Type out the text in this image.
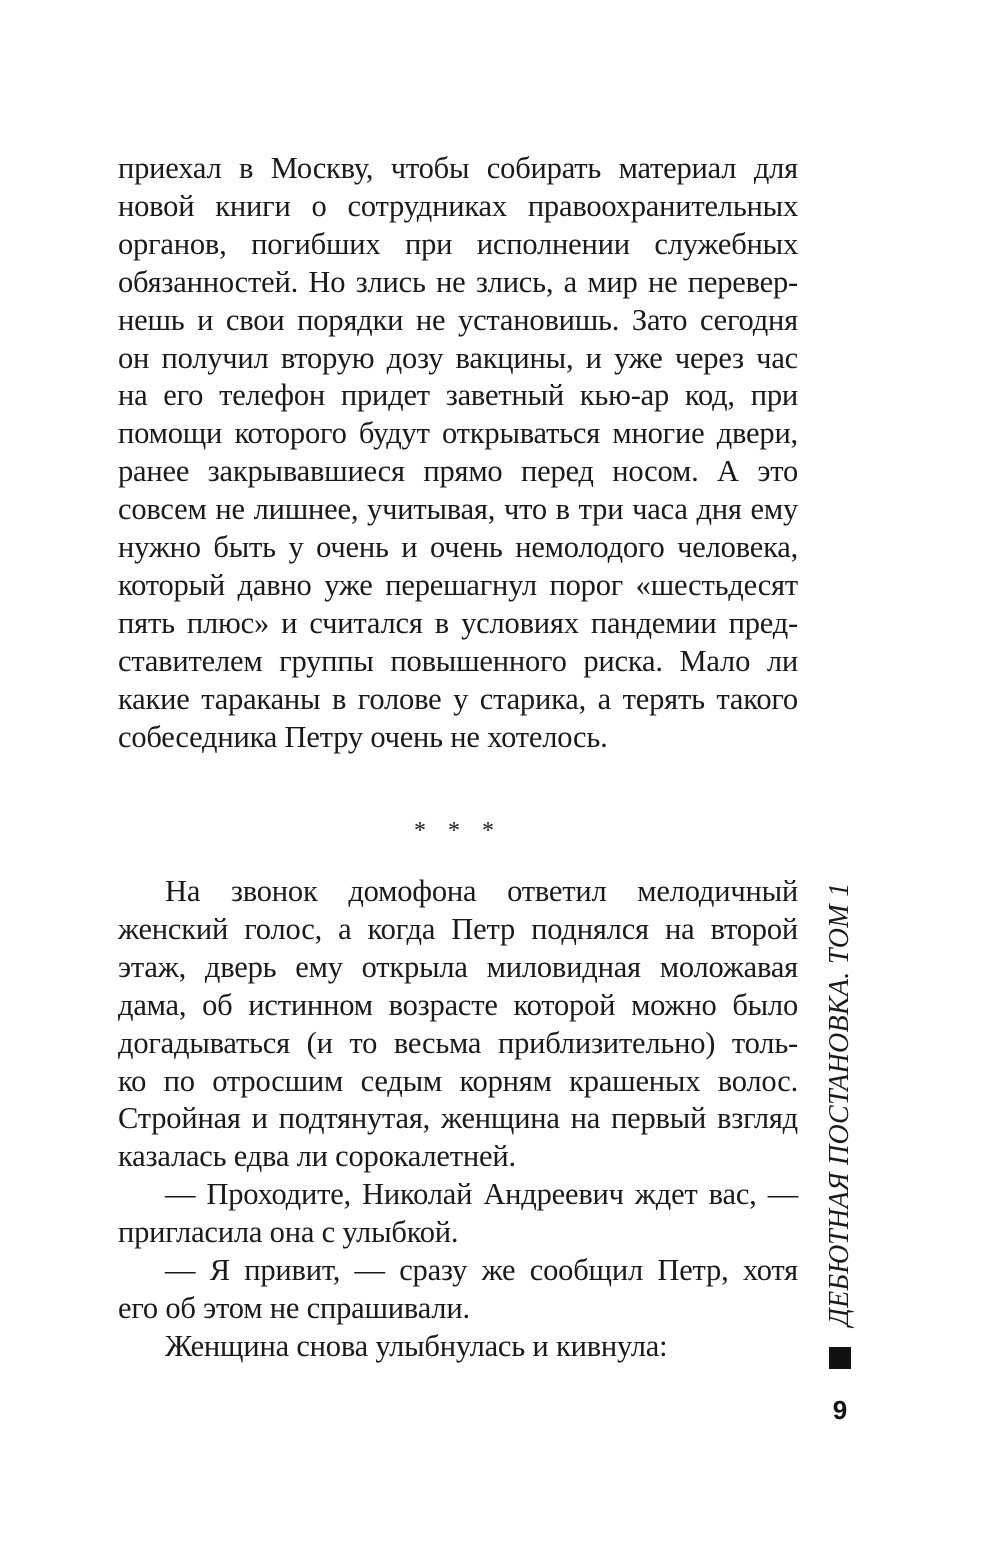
приехал в Москву, чтобы собирать материал для
новой книги о сотрудниках правоохранительных
органов, погибших при исполнении служебных
обязанностей. Но злись не злись, а мир не перевер-
нешь и свои порядки не установишь. Зато сегодня
он получил вторую дозу вакцины, и уже через час
на его телефон придет заветный кью-ар код, при
помощи которого будут открываться многие двери,
ранее закрывавшиеся прямо перед носом. А это
совсем не лишнее, учитывая, что в три часа дня ему
нужно быть у очень и очень немолодого человека,
который давно уже перешагнул порог «шестьдесят
пять плюс» и считался в условиях пандемии пред-
ставителем группы повышенного риска. Мало ли
какие тараканы в голове у старика, а терять такого
собеседника Петру очень не хотелось.
* * *
На звонок домофона ответил мелодичный
женский голос, а когда Петр поднялся на второй
этаж, дверь ему открыла миловидная моложавая
дама, об истинном возрасте которой можно было
догадываться (и то весьма приблизительно) толь-
ко по отросшим седым корням крашеных волос.
Стройная и подтянутая, женщина на первый взгляд
казалась едва ли сорокалетней.
— Проходите, Николай Андреевич ждет вас, —
пригласила она с улыбкой.
— Я привит, — сразу же сообщил Петр, хотя
его об этом не спрашивали.
Женщина снова улыбнулась и кивнула:
ДЕБЮТНАЯ ПОСТАНОВКА. ТОМ 1
9
